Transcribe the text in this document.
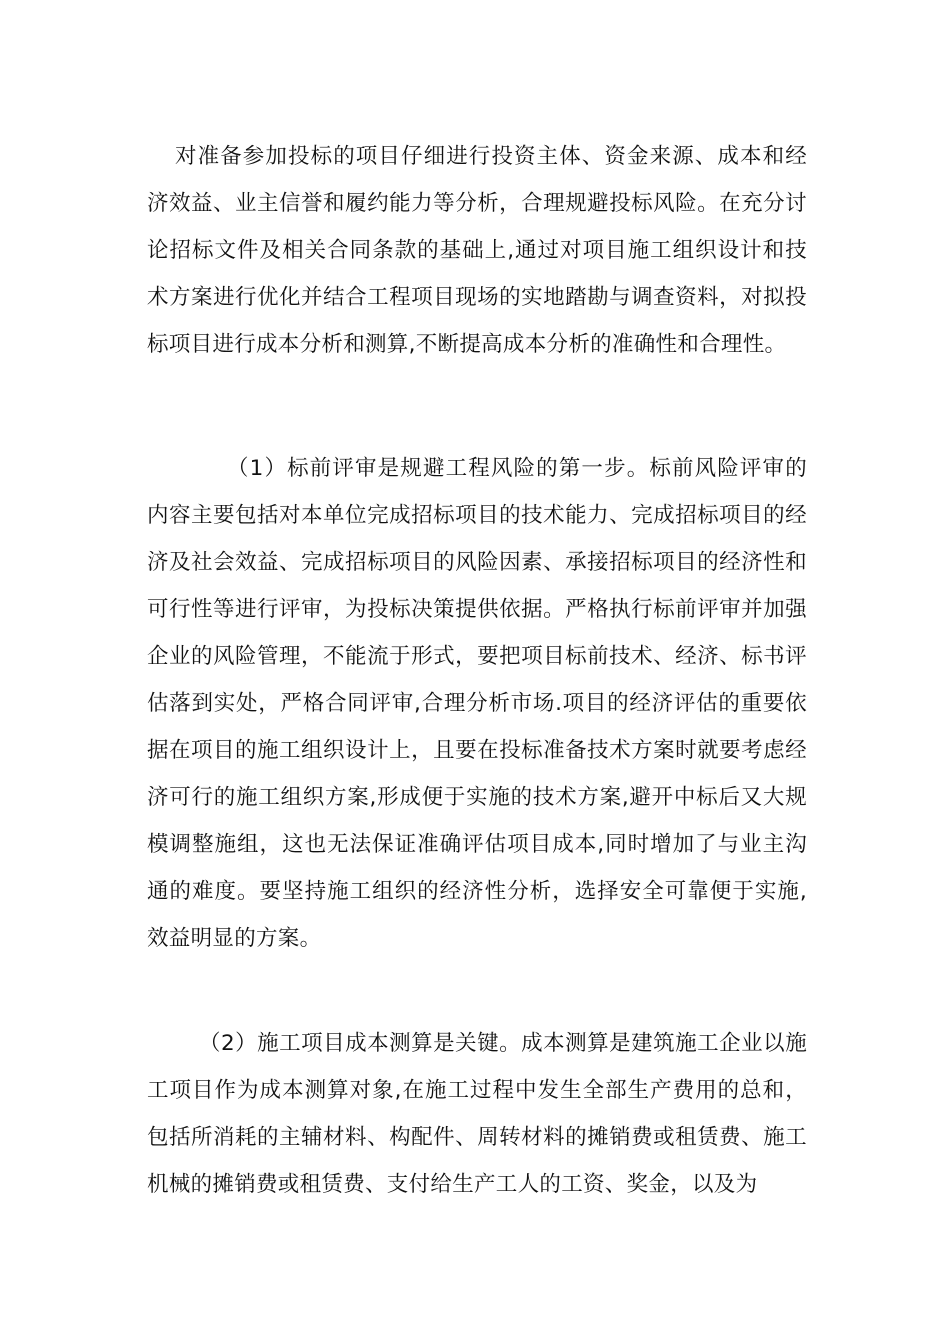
对准备参加投标的项目仔细进行投资主体、资金来源、成本和经济效益、业主信誉和履约能力等分析，合理规避投标风险。在充分讨论招标文件及相关合同条款的基础上,通过对项目施工组织设计和技术方案进行优化并结合工程项目现场的实地踏勘与调查资料，对拟投标项目进行成本分析和测算,不断提高成本分析的准确性和合理性。

（1）标前评审是规避工程风险的第一步。标前风险评审的内容主要包括对本单位完成招标项目的技术能力、完成招标项目的经济及社会效益、完成招标项目的风险因素、承接招标项目的经济性和可行性等进行评审，为投标决策提供依据。严格执行标前评审并加强企业的风险管理，不能流于形式，要把项目标前技术、经济、标书评估落到实处，严格合同评审,合理分析市场.项目的经济评估的重要依据在项目的施工组织设计上，且要在投标准备技术方案时就要考虑经济可行的施工组织方案,形成便于实施的技术方案,避开中标后又大规模调整施组，这也无法保证准确评估项目成本,同时增加了与业主沟通的难度。要坚持施工组织的经济性分析，选择安全可靠便于实施,效益明显的方案。

（2）施工项目成本测算是关键。成本测算是建筑施工企业以施工项目作为成本测算对象,在施工过程中发生全部生产费用的总和，包括所消耗的主辅材料、构配件、周转材料的摊销费或租赁费、施工机械的摊销费或租赁费、支付给生产工人的工资、奖金，以及为
